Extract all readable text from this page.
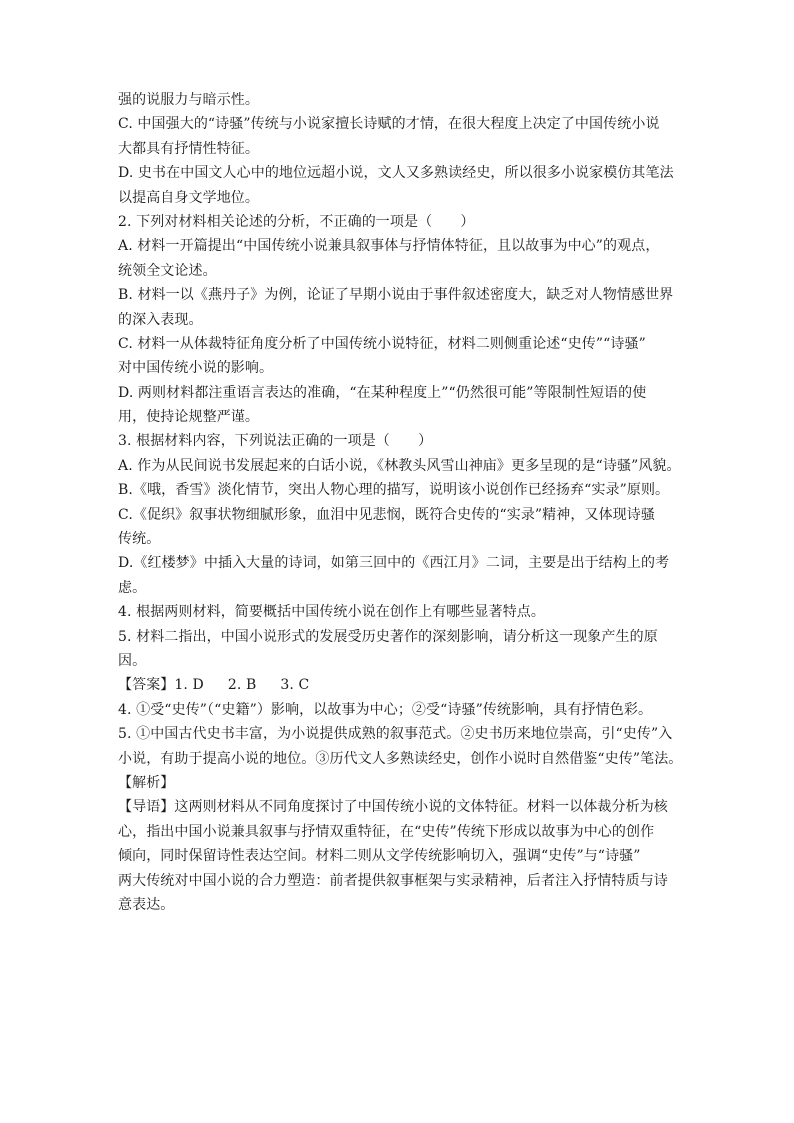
强的说服力与暗示性。
C. 中国强大的“诗骚”传统与小说家擅长诗赋的才情，在很大程度上决定了中国传统小说
大都具有抒情性特征。
D. 史书在中国文人心中的地位远超小说，文人又多熟读经史，所以很多小说家模仿其笔法
以提高自身文学地位。
2. 下列对材料相关论述的分析，不正确的一项是（　　）
A. 材料一开篇提出“中国传统小说兼具叙事体与抒情体特征，且以故事为中心”的观点，
统领全文论述。
B. 材料一以《燕丹子》为例，论证了早期小说由于事件叙述密度大，缺乏对人物情感世界
的深入表现。
C. 材料一从体裁特征角度分析了中国传统小说特征，材料二则侧重论述“史传”“诗骚”
对中国传统小说的影响。
D. 两则材料都注重语言表达的准确，“在某种程度上”“仍然很可能”等限制性短语的使
用，使持论规整严谨。
3. 根据材料内容，下列说法正确的一项是（　　）
A. 作为从民间说书发展起来的白话小说，《林教头风雪山神庙》更多呈现的是“诗骚”风貌。
B.《哦，香雪》淡化情节，突出人物心理的描写，说明该小说创作已经扬弃“实录”原则。
C.《促织》叙事状物细腻形象，血泪中见悲悯，既符合史传的“实录”精神，又体现诗骚
传统。
D.《红楼梦》中插入大量的诗词，如第三回中的《西江月》二词，主要是出于结构上的考
虑。
4. 根据两则材料，简要概括中国传统小说在创作上有哪些显著特点。
5. 材料二指出，中国小说形式的发展受历史著作的深刻影响，请分析这一现象产生的原
因。
【答案】1. D 2. B 3. C
4. ①受“史传”（“史籍”）影响，以故事为中心；②受“诗骚”传统影响，具有抒情色彩。
5. ①中国古代史书丰富，为小说提供成熟的叙事范式。②史书历来地位崇高，引“史传”入
小说，有助于提高小说的地位。③历代文人多熟读经史，创作小说时自然借鉴“史传”笔法。
【解析】
【导语】这两则材料从不同角度探讨了中国传统小说的文体特征。材料一以体裁分析为核
心，指出中国小说兼具叙事与抒情双重特征，在“史传”传统下形成以故事为中心的创作
倾向，同时保留诗性表达空间。材料二则从文学传统影响切入，强调“史传”与“诗骚”
两大传统对中国小说的合力塑造：前者提供叙事框架与实录精神，后者注入抒情特质与诗
意表达。
